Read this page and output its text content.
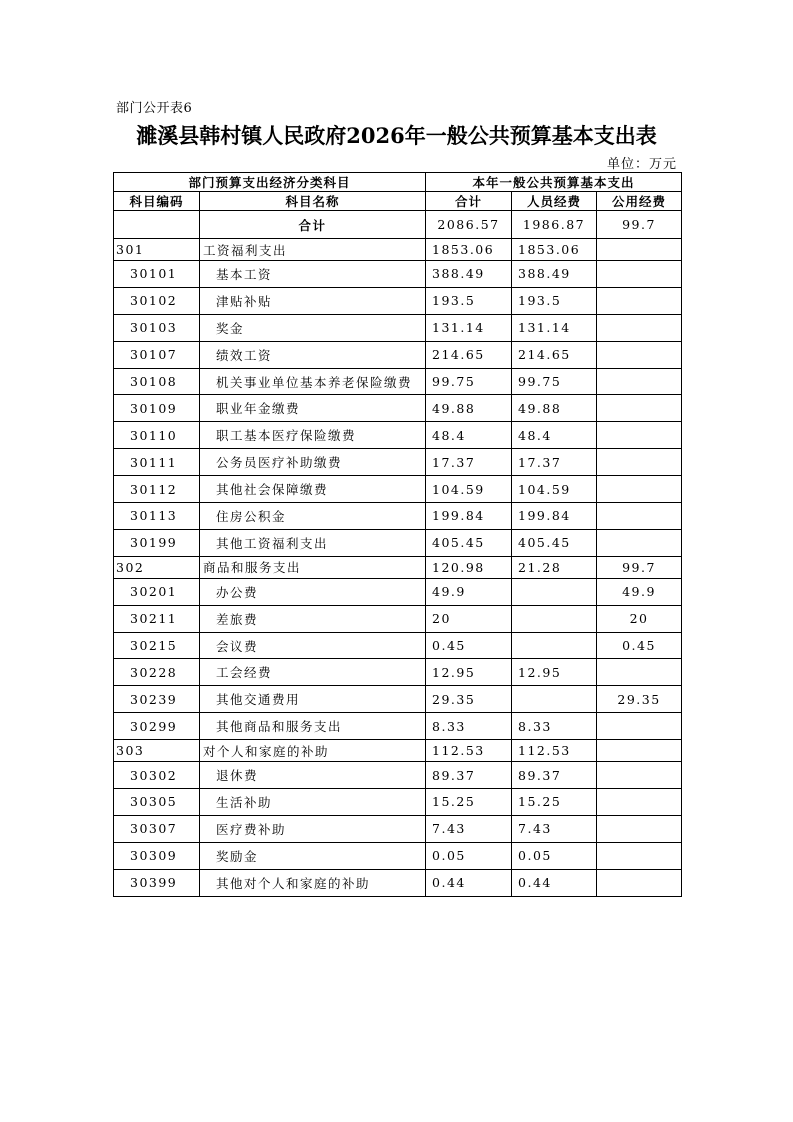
部门公开表6
濉溪县韩村镇人民政府2026年一般公共预算基本支出表
单位：万元
部门预算支出经济分类科目		本年一般公共预算基本支出		
科目编码	科目名称	合计	人员经费	公用经费
	合计	2086.57	1986.87	99.7
301	工资福利支出	1853.06	1853.06	
30101	基本工资	388.49	388.49	
30102	津贴补贴	193.5	193.5	
30103	奖金	131.14	131.14	
30107	绩效工资	214.65	214.65	
30108	机关事业单位基本养老保险缴费	99.75	99.75	
30109	职业年金缴费	49.88	49.88	
30110	职工基本医疗保险缴费	48.4	48.4	
30111	公务员医疗补助缴费	17.37	17.37	
30112	其他社会保障缴费	104.59	104.59	
30113	住房公积金	199.84	199.84	
30199	其他工资福利支出	405.45	405.45	
302	商品和服务支出	120.98	21.28	99.7
30201	办公费	49.9		49.9
30211	差旅费	20		20
30215	会议费	0.45		0.45
30228	工会经费	12.95	12.95	
30239	其他交通费用	29.35		29.35
30299	其他商品和服务支出	8.33	8.33	
303	对个人和家庭的补助	112.53	112.53	
30302	退休费	89.37	89.37	
30305	生活补助	15.25	15.25	
30307	医疗费补助	7.43	7.43	
30309	奖励金	0.05	0.05	
30399	其他对个人和家庭的补助	0.44	0.44	
